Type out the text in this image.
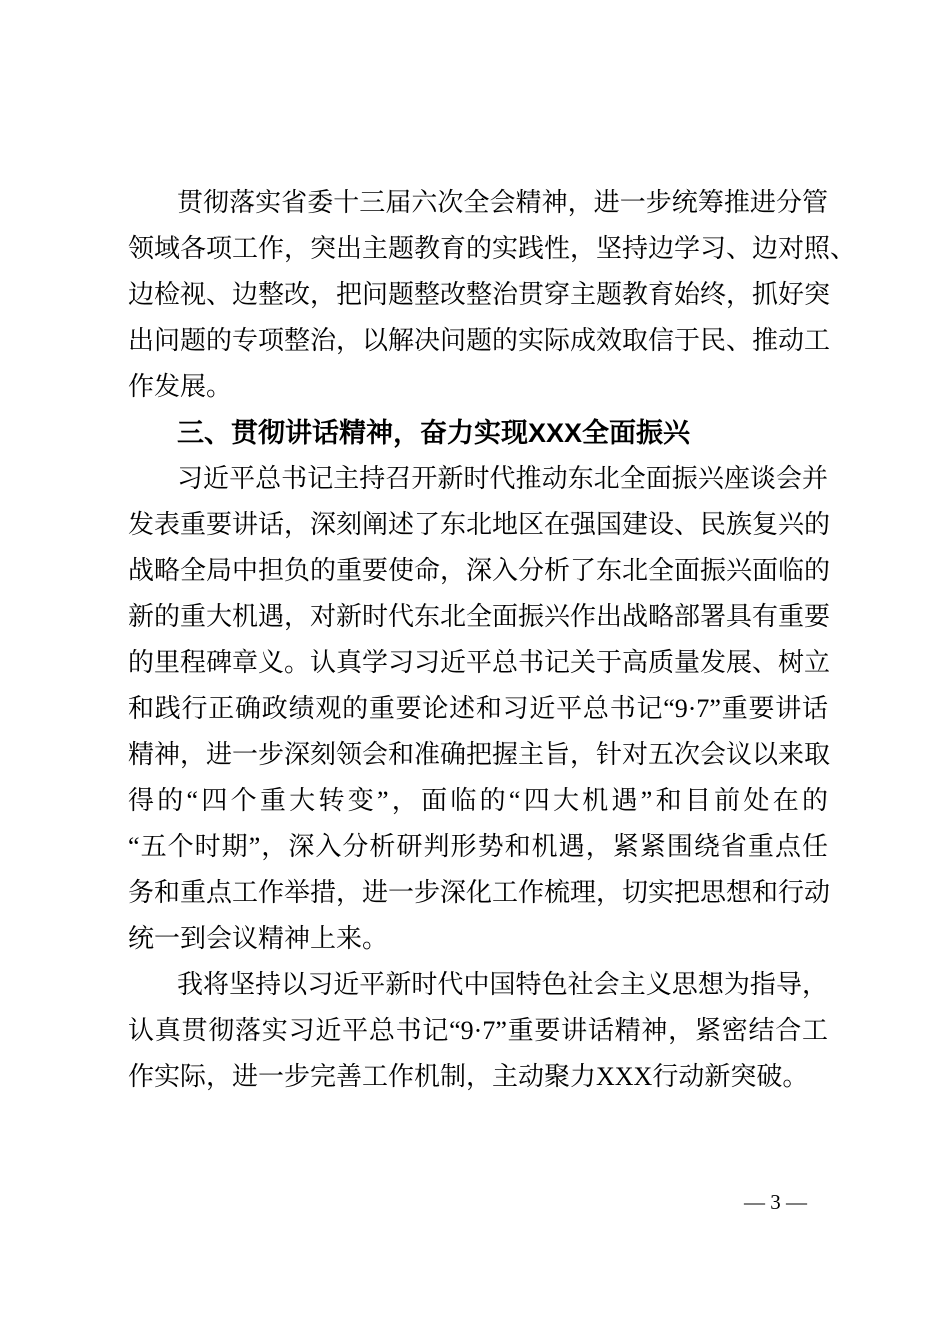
贯彻落实省委十三届六次全会精神，进一步统筹推进分管
领域各项工作，突出主题教育的实践性，坚持边学习、边对照、
边检视、边整改，把问题整改整治贯穿主题教育始终，抓好突
出问题的专项整治，以解决问题的实际成效取信于民、推动工
作发展。
三、贯彻讲话精神，奋力实现XXX全面振兴
习近平总书记主持召开新时代推动东北全面振兴座谈会并
发表重要讲话，深刻阐述了东北地区在强国建设、民族复兴的
战略全局中担负的重要使命，深入分析了东北全面振兴面临的
新的重大机遇，对新时代东北全面振兴作出战略部署具有重要
的里程碑章义。认真学习习近平总书记关于高质量发展、树立
和践行正确政绩观的重要论述和习近平总书记“9·7”重要讲话
精神，进一步深刻领会和准确把握主旨，针对五次会议以来取
得的“四个重大转变”，面临的“四大机遇”和目前处在的
“五个时期”，深入分析研判形势和机遇，紧紧围绕省重点任
务和重点工作举措，进一步深化工作梳理，切实把思想和行动
统一到会议精神上来。
我将坚持以习近平新时代中国特色社会主义思想为指导，
认真贯彻落实习近平总书记“9·7”重要讲话精神，紧密结合工
作实际，进一步完善工作机制，主动聚力XXX行动新突破。
— 3 —
